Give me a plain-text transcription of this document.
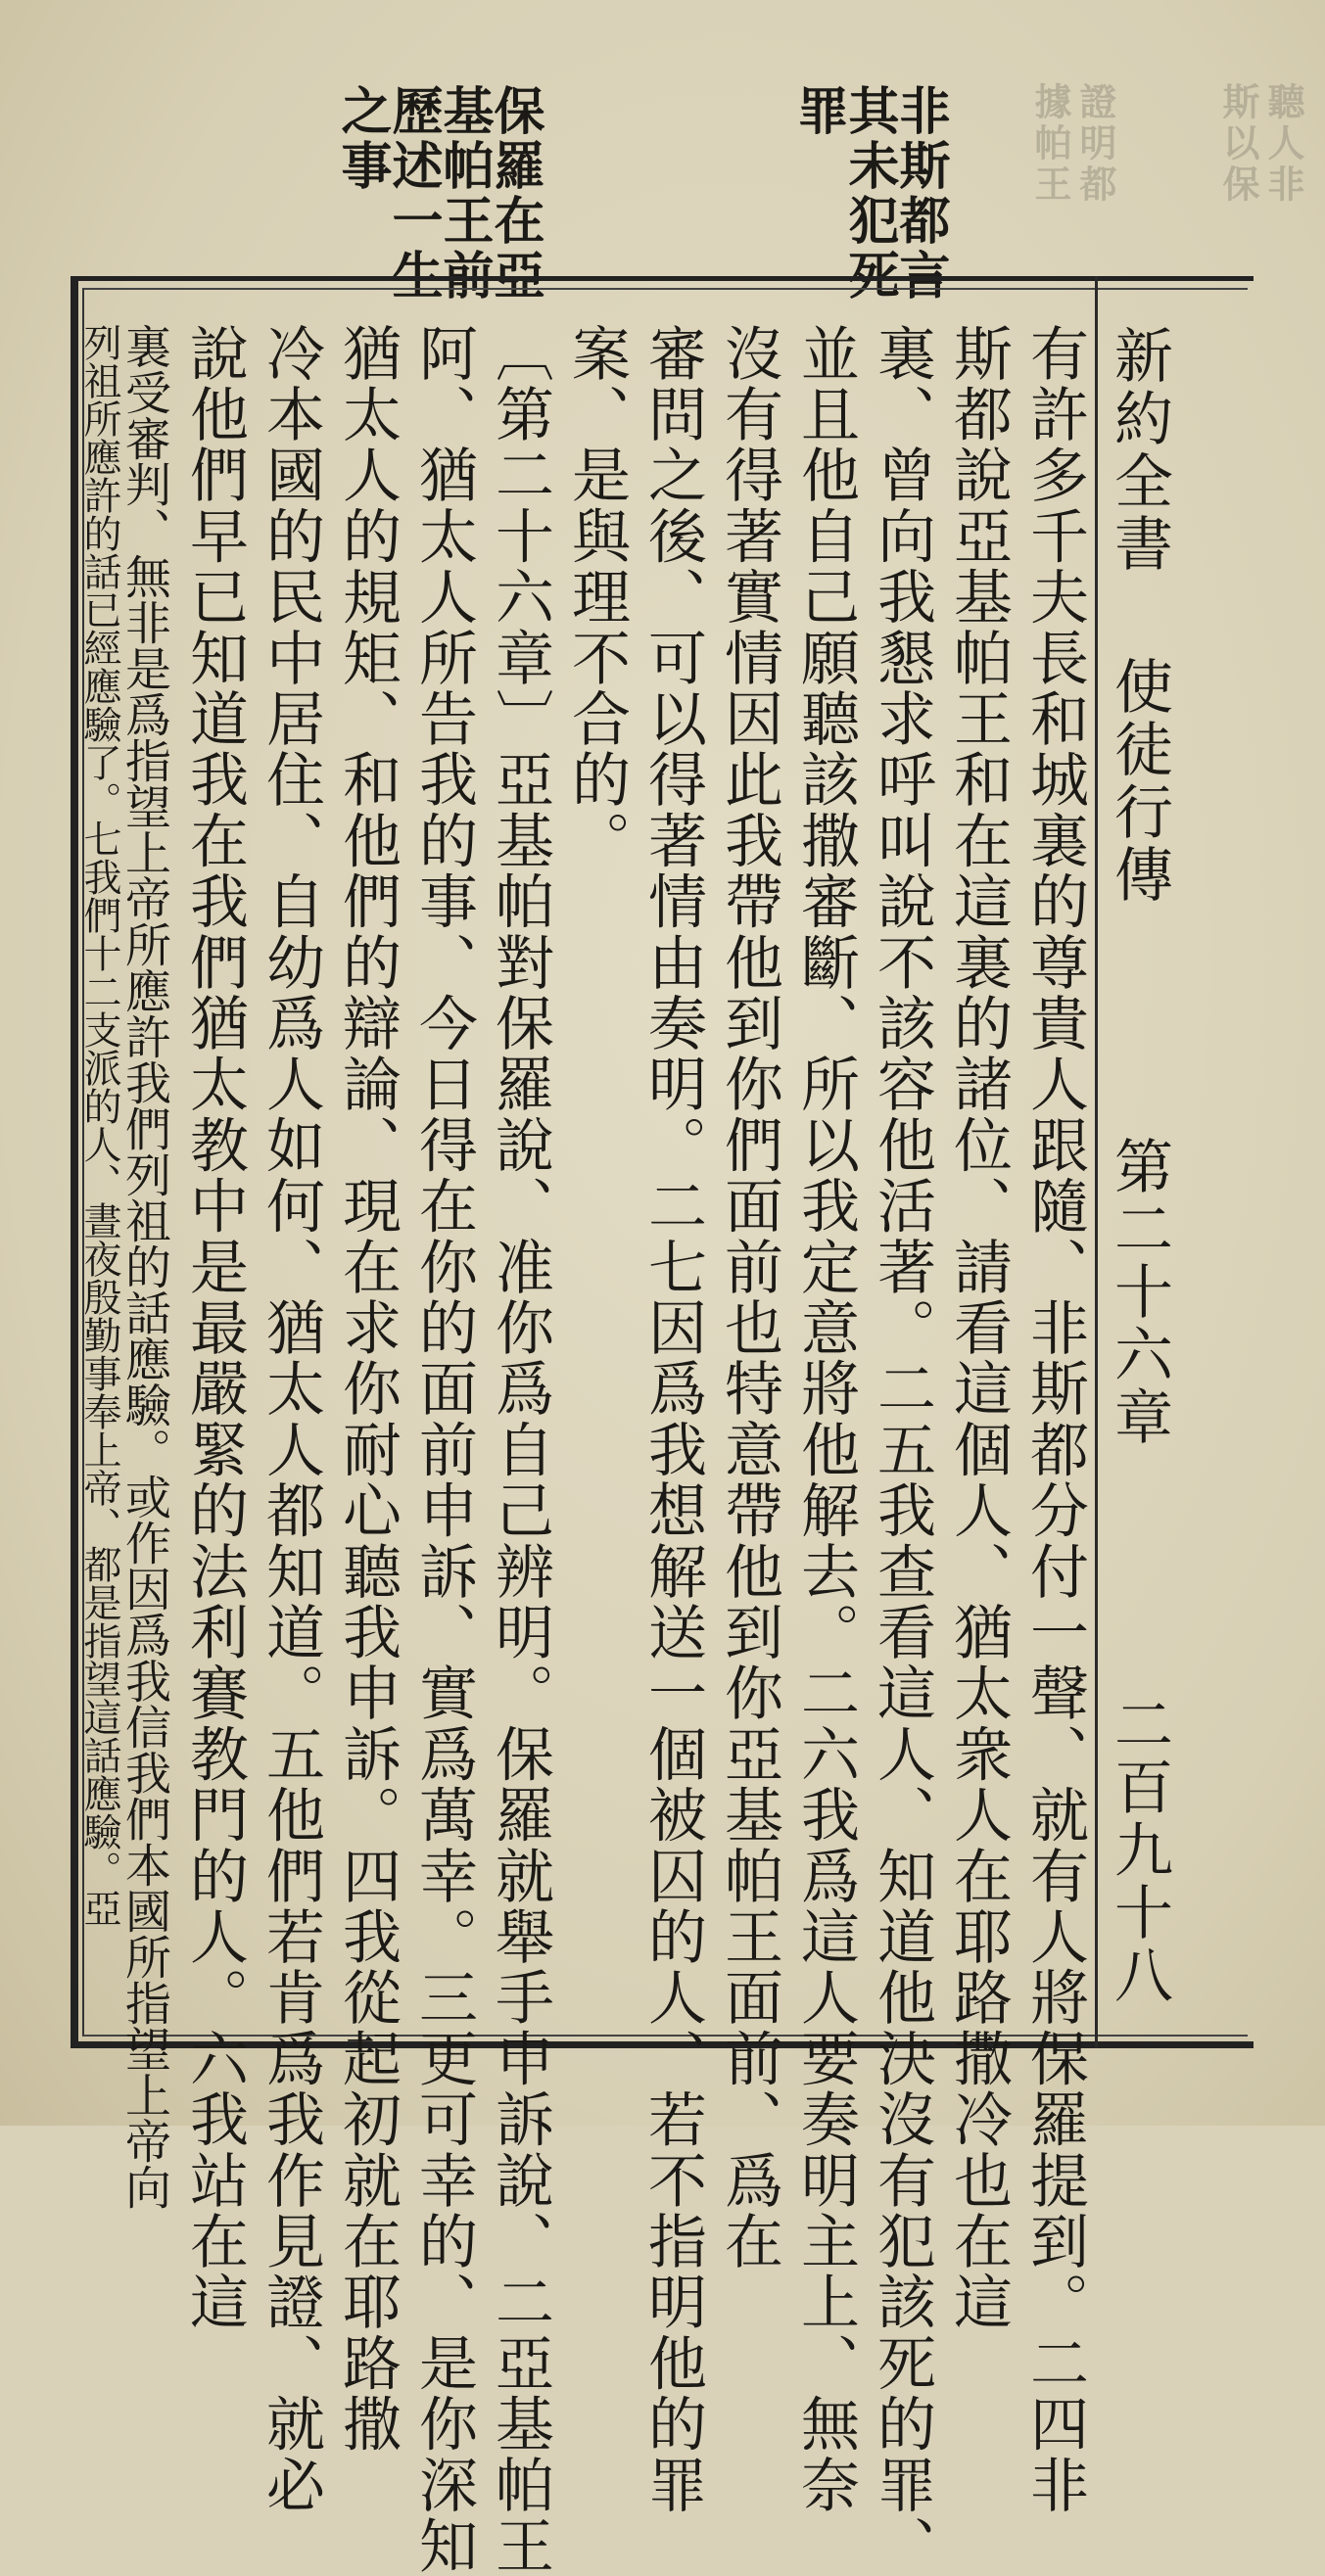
聽人非
斯以保
證明都
據帕王
非斯都言
其未犯死
罪
保羅在亞
基帕王前
歷述一生
之事
新約全書
使徒行傳
第二十六章
二百九十八
有許多千夫長和城裏的尊貴人跟隨、非斯都分付一聲、就有人將保羅提到。二四非
斯都說亞基帕王和在這裏的諸位、請看這個人、猶太衆人在耶路撒冷也在這
裏、曾向我懇求呼叫說不該容他活著。二五我查看這人、知道他決沒有犯該死的罪、
並且他自己願聽該撒審斷、所以我定意將他解去。二六我爲這人要奏明主上、無奈
沒有得著實情因此我帶他到你們面前也特意帶他到你亞基帕王面前、爲在
審問之後、可以得著情由奏明。二七因爲我想解送一個被囚的人、若不指明他的罪
案、是與理不合的。
〔第二十六章〕亞基帕對保羅說、准你爲自己辨明。保羅就舉手申訴說、二亞基帕王
阿、猶太人所告我的事、今日得在你的面前申訴、實爲萬幸。三更可幸的、是你深知
猶太人的規矩、和他們的辯論、現在求你耐心聽我申訴。四我從起初就在耶路撒
冷本國的民中居住、自幼爲人如何、猶太人都知道。五他們若肯爲我作見證、就必
說他們早已知道我在我們猶太教中是最嚴緊的法利賽教門的人。六我站在這
裏受審判、無非是爲指望上帝所應許我們列祖的話應驗。或作因爲我信我們本國所指望上帝向
列祖所應許的話已經應驗了。七我們十二支派的人、晝夜殷勤事奉上帝、都是指望這話應驗。亞
